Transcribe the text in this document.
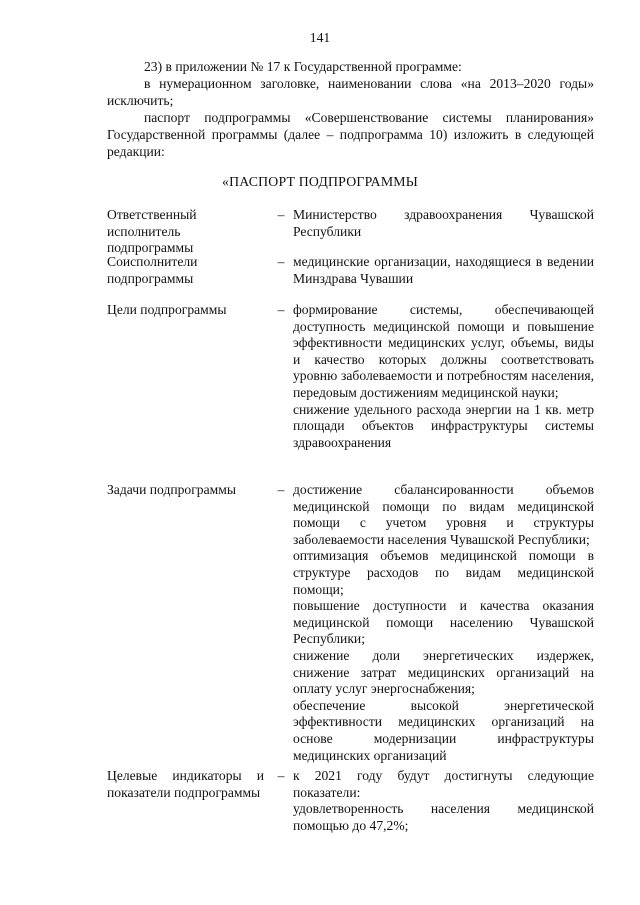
141

23) в приложении № 17 к Государственной программе:

в нумерационном заголовке, наименовании слова «на 2013–2020 годы» исключить;

паспорт подпрограммы «Совершенствование системы планирования» Государственной программы (далее – подпрограмма 10) изложить в следующей редакции:

«ПАСПОРТ ПОДПРОГРАММЫ
Ответственный исполнитель подпрограммы
– Министерство здравоохранения Чувашской Республики

Соисполнители подпрограммы
– медицинские организации, находящиеся в ведении Минздрава Чувашии

Цели подпрограммы	– формирование системы, обеспечивающей доступность медицинской помощи и повышение эффективности медицинских услуг, объемы, виды и качество которых должны соответствовать уровню заболеваемости и потребностям населения, передовым достижениям медицинской науки;

снижение удельного расхода энергии на 1 кв. метр площади объектов инфраструктуры системы здравоохранения

Задачи подпрограммы	– достижение сбалансированности объемов медицинской помощи по видам медицинской помощи с учетом уровня и структуры заболеваемости населения Чувашской Республики;

оптимизация объемов медицинской помощи в структуре расходов по видам медицинской помощи;

повышение доступности и качества оказания медицинской помощи населению Чувашской Республики;

снижение доли энергетических издержек, снижение затрат медицинских организаций на оплату услуг энергоснабжения;

обеспечение высокой энергетической эффективности медицинских организаций на основе модернизации инфраструктуры медицинских организаций

Целевые индикаторы и показатели подпрограммы
– к 2021 году будут достигнуты следующие показатели:

удовлетворенность населения медицинской помощью до 47,2%;
